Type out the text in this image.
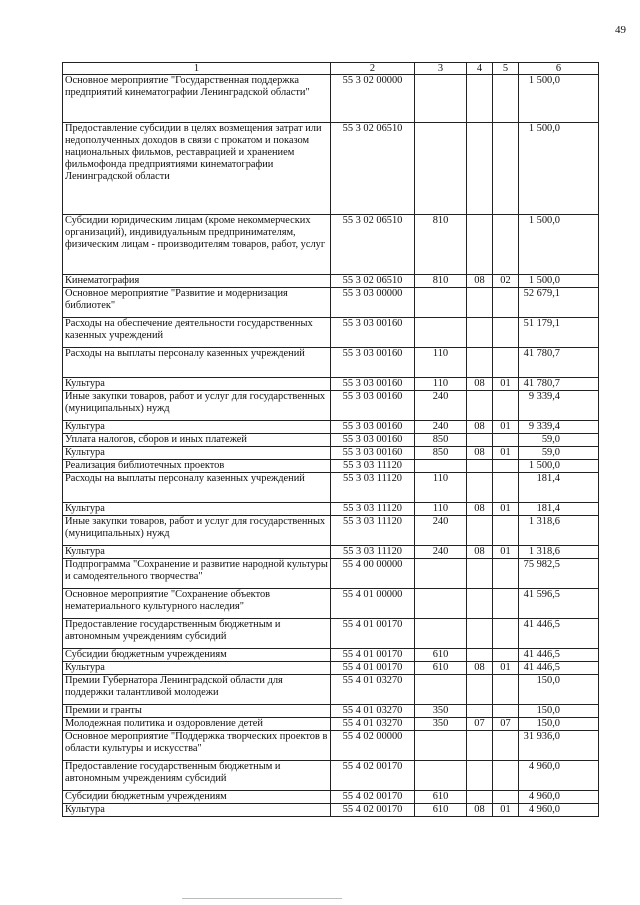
49
1	2	3	4	5	6
Основное мероприятие "Государственная поддержка предприятий кинематографии Ленинградской области"	55 3 02 00000				1 500,0
Предоставление субсидии в целях возмещения затрат или недополученных доходов в связи с прокатом и показом национальных фильмов, реставрацией и хранением фильмофонда предприятиями кинематографии Ленинградской области	55 3 02 06510				1 500,0
Субсидии юридическим лицам (кроме некоммерческих организаций), индивидуальным предпринимателям, физическим лицам - производителям товаров, работ, услуг	55 3 02 06510	810			1 500,0
Кинематография	55 3 02 06510	810	08	02	1 500,0
Основное мероприятие "Развитие и модернизация библиотек"	55 3 03 00000				52 679,1
Расходы на обеспечение деятельности государственных казенных учреждений	55 3 03 00160				51 179,1
Расходы на выплаты персоналу казенных учреждений	55 3 03 00160	110			41 780,7
Культура	55 3 03 00160	110	08	01	41 780,7
Иные закупки товаров, работ и услуг для государственных (муниципальных) нужд	55 3 03 00160	240			9 339,4
Культура	55 3 03 00160	240	08	01	9 339,4
Уплата налогов, сборов и иных платежей	55 3 03 00160	850			59,0
Культура	55 3 03 00160	850	08	01	59,0
Реализация библиотечных проектов	55 3 03 11120				1 500,0
Расходы на выплаты персоналу казенных учреждений	55 3 03 11120	110			181,4
Культура	55 3 03 11120	110	08	01	181,4
Иные закупки товаров, работ и услуг для государственных (муниципальных) нужд	55 3 03 11120	240			1 318,6
Культура	55 3 03 11120	240	08	01	1 318,6
Подпрограмма "Сохранение и развитие народной культуры и самодеятельного творчества"	55 4 00 00000				75 982,5
Основное мероприятие "Сохранение объектов нематериального культурного наследия"	55 4 01 00000				41 596,5
Предоставление государственным бюджетным и автономным учреждениям субсидий	55 4 01 00170				41 446,5
Субсидии бюджетным учреждениям	55 4 01 00170	610			41 446,5
Культура	55 4 01 00170	610	08	01	41 446,5
Премии Губернатора Ленинградской области для поддержки талантливой молодежи	55 4 01 03270				150,0
Премии и гранты	55 4 01 03270	350			150,0
Молодежная политика и оздоровление детей	55 4 01 03270	350	07	07	150,0
Основное мероприятие "Поддержка творческих проектов в области культуры и искусства"	55 4 02 00000				31 936,0
Предоставление государственным бюджетным и автономным учреждениям субсидий	55 4 02 00170				4 960,0
Субсидии бюджетным учреждениям	55 4 02 00170	610			4 960,0
Культура	55 4 02 00170	610	08	01	4 960,0
